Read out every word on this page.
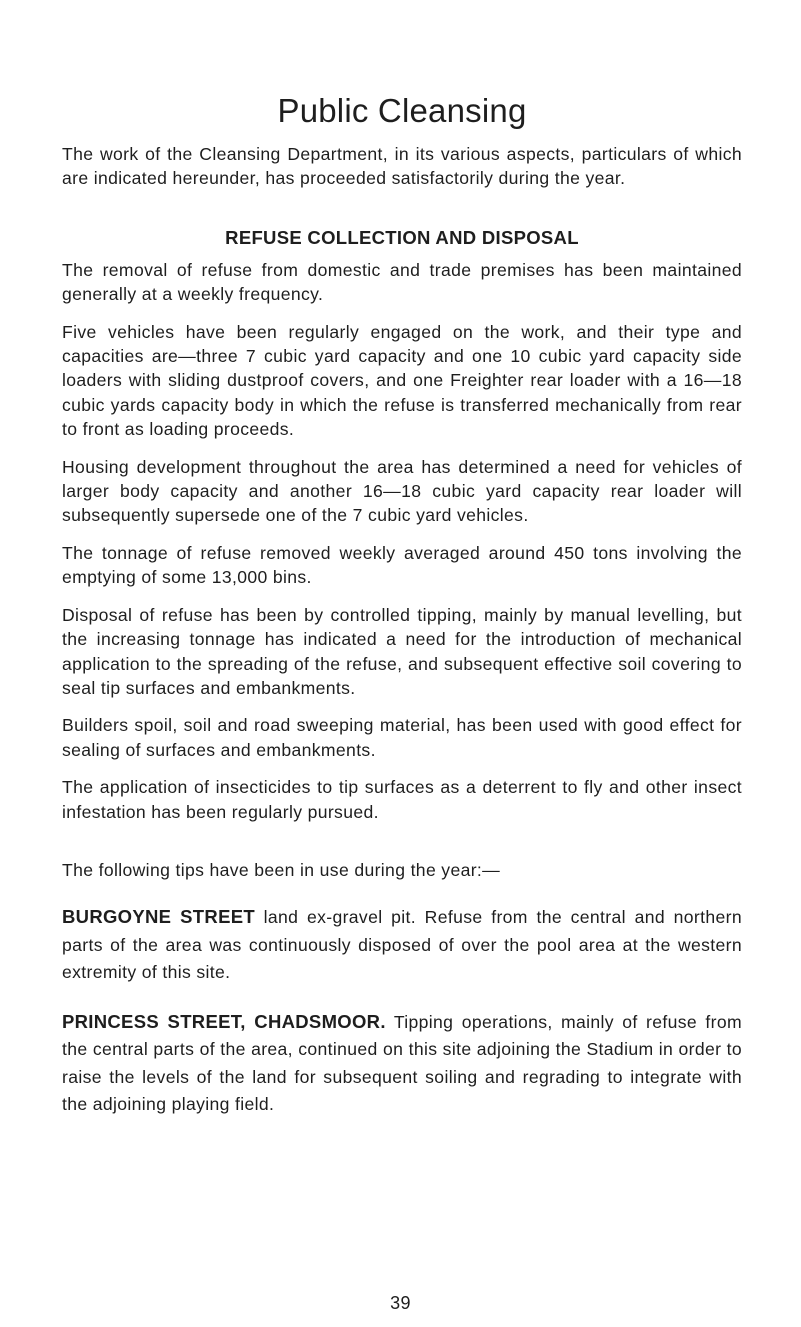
Public Cleansing

The work of the Cleansing Department, in its various aspects, particulars of which are indicated hereunder, has proceeded satisfactorily during the year.

REFUSE COLLECTION AND DISPOSAL

The removal of refuse from domestic and trade premises has been maintained generally at a weekly frequency.

Five vehicles have been regularly engaged on the work, and their type and capacities are—three 7 cubic yard capacity and one 10 cubic yard capacity side loaders with sliding dustproof covers, and one Freighter rear loader with a 16—18 cubic yards capacity body in which the refuse is transferred mechanically from rear to front as loading proceeds.

Housing development throughout the area has determined a need for vehicles of larger body capacity and another 16—18 cubic yard capacity rear loader will subsequently supersede one of the 7 cubic yard vehicles.

The tonnage of refuse removed weekly averaged around 450 tons involving the emptying of some 13,000 bins.

Disposal of refuse has been by controlled tipping, mainly by manual levelling, but the increasing tonnage has indicated a need for the introduction of mechanical application to the spreading of the refuse, and subsequent effective soil covering to seal tip surfaces and embankments.

Builders spoil, soil and road sweeping material, has been used with good effect for sealing of surfaces and embankments.

The application of insecticides to tip surfaces as a deterrent to fly and other insect infestation has been regularly pursued.

The following tips have been in use during the year:—

BURGOYNE STREET land ex-gravel pit. Refuse from the central and northern parts of the area was continuously disposed of over the pool area at the western extremity of this site.

PRINCESS STREET, CHADSMOOR. Tipping operations, mainly of refuse from the central parts of the area, continued on this site adjoining the Stadium in order to raise the levels of the land for subsequent soiling and regrading to integrate with the adjoining playing field.

39
